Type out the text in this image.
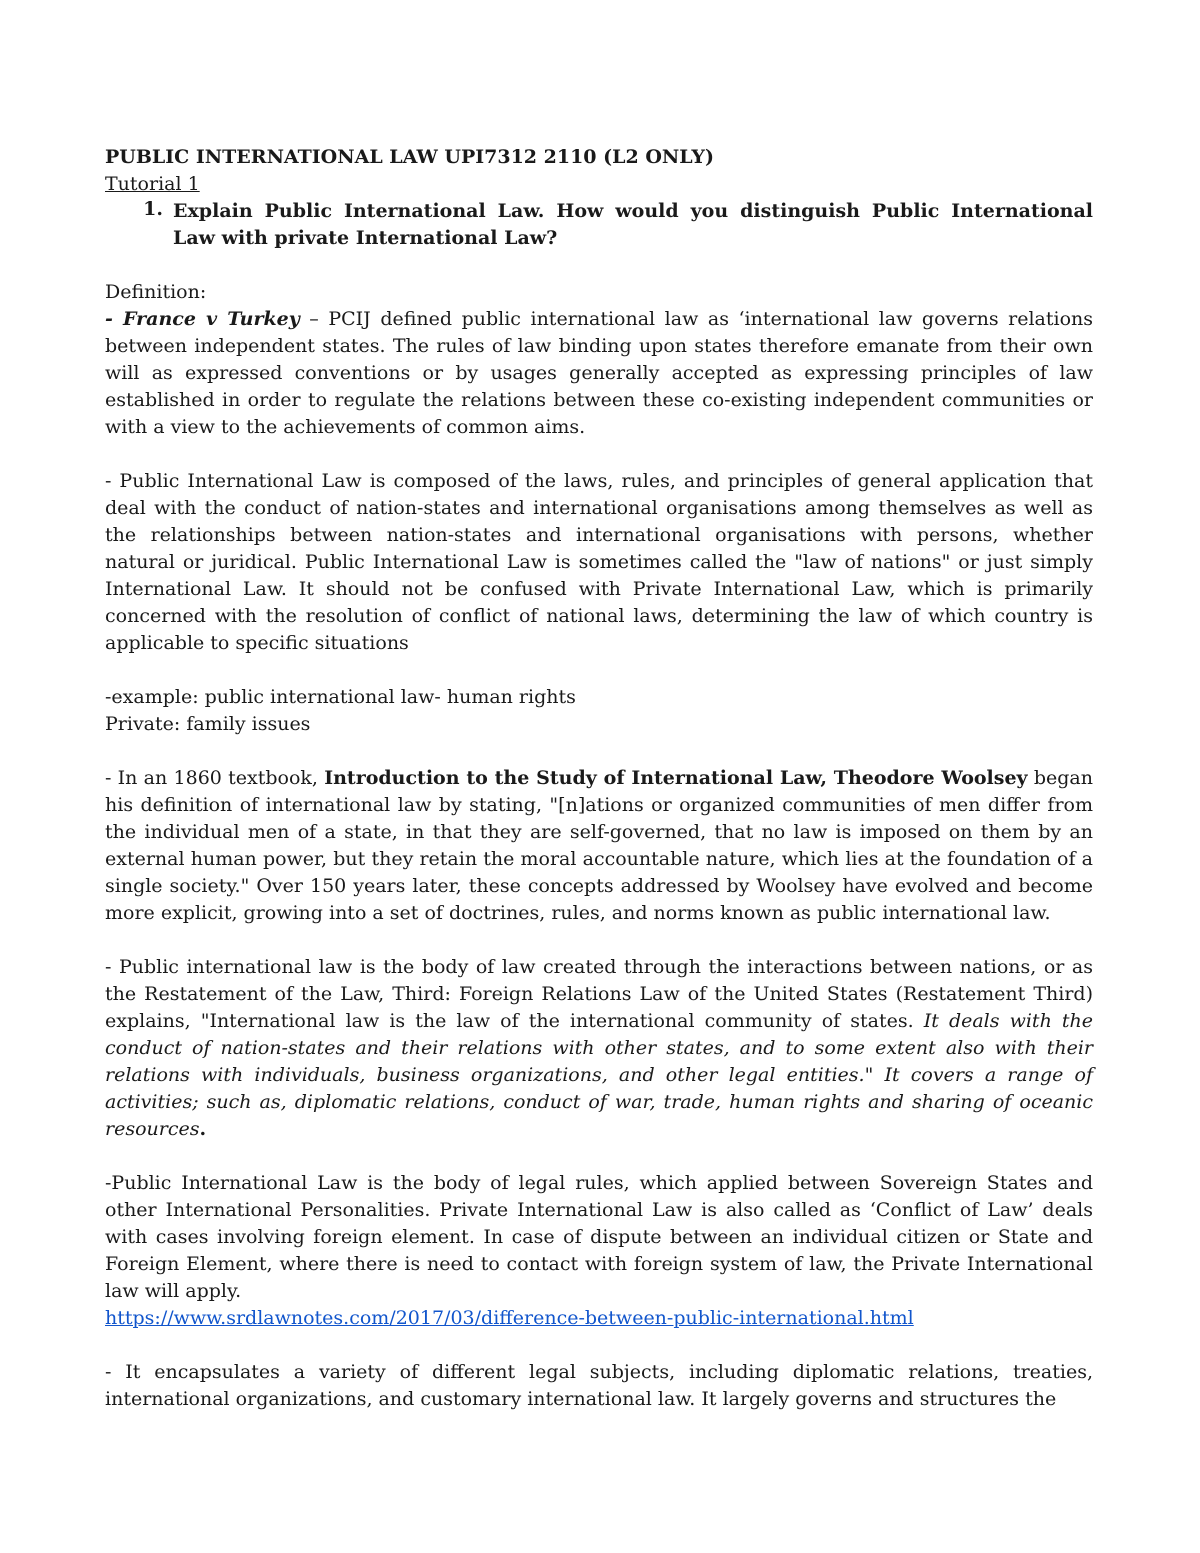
PUBLIC INTERNATIONAL LAW UPI7312 2110 (L2 ONLY)

Tutorial 1

1. Explain Public International Law. How would you distinguish Public International Law with private International Law?

Definition:

- France v Turkey – PCIJ defined public international law as ‘international law governs relations between independent states. The rules of law binding upon states therefore emanate from their own will as expressed conventions or by usages generally accepted as expressing principles of law established in order to regulate the relations between these co-existing independent communities or with a view to the achievements of common aims.

- Public International Law is composed of the laws, rules, and principles of general application that deal with the conduct of nation-states and international organisations among themselves as well as the relationships between nation-states and international organisations with persons, whether natural or juridical. Public International Law is sometimes called the "law of nations" or just simply International Law. It should not be confused with Private International Law, which is primarily concerned with the resolution of conflict of national laws, determining the law of which country is applicable to specific situations

-example: public international law- human rights

Private: family issues

- In an 1860 textbook, Introduction to the Study of International Law, Theodore Woolsey began his definition of international law by stating, "[n]ations or organized communities of men differ from the individual men of a state, in that they are self-governed, that no law is imposed on them by an external human power, but they retain the moral accountable nature, which lies at the foundation of a single society." Over 150 years later, these concepts addressed by Woolsey have evolved and become more explicit, growing into a set of doctrines, rules, and norms known as public international law.

- Public international law is the body of law created through the interactions between nations, or as the Restatement of the Law, Third: Foreign Relations Law of the United States (Restatement Third) explains, "International law is the law of the international community of states. It deals with the conduct of nation-states and their relations with other states, and to some extent also with their relations with individuals, business organizations, and other legal entities." It covers a range of activities; such as, diplomatic relations, conduct of war, trade, human rights and sharing of oceanic resources.

-Public International Law is the body of legal rules, which applied between Sovereign States and other International Personalities. Private International Law is also called as ‘Conflict of Law’ deals with cases involving foreign element. In case of dispute between an individual citizen or State and Foreign Element, where there is need to contact with foreign system of law, the Private International law will apply.

https://www.srdlawnotes.com/2017/03/difference-between-public-international.html

- It encapsulates a variety of different legal subjects, including diplomatic relations, treaties, international organizations, and customary international law. It largely governs and structures the
